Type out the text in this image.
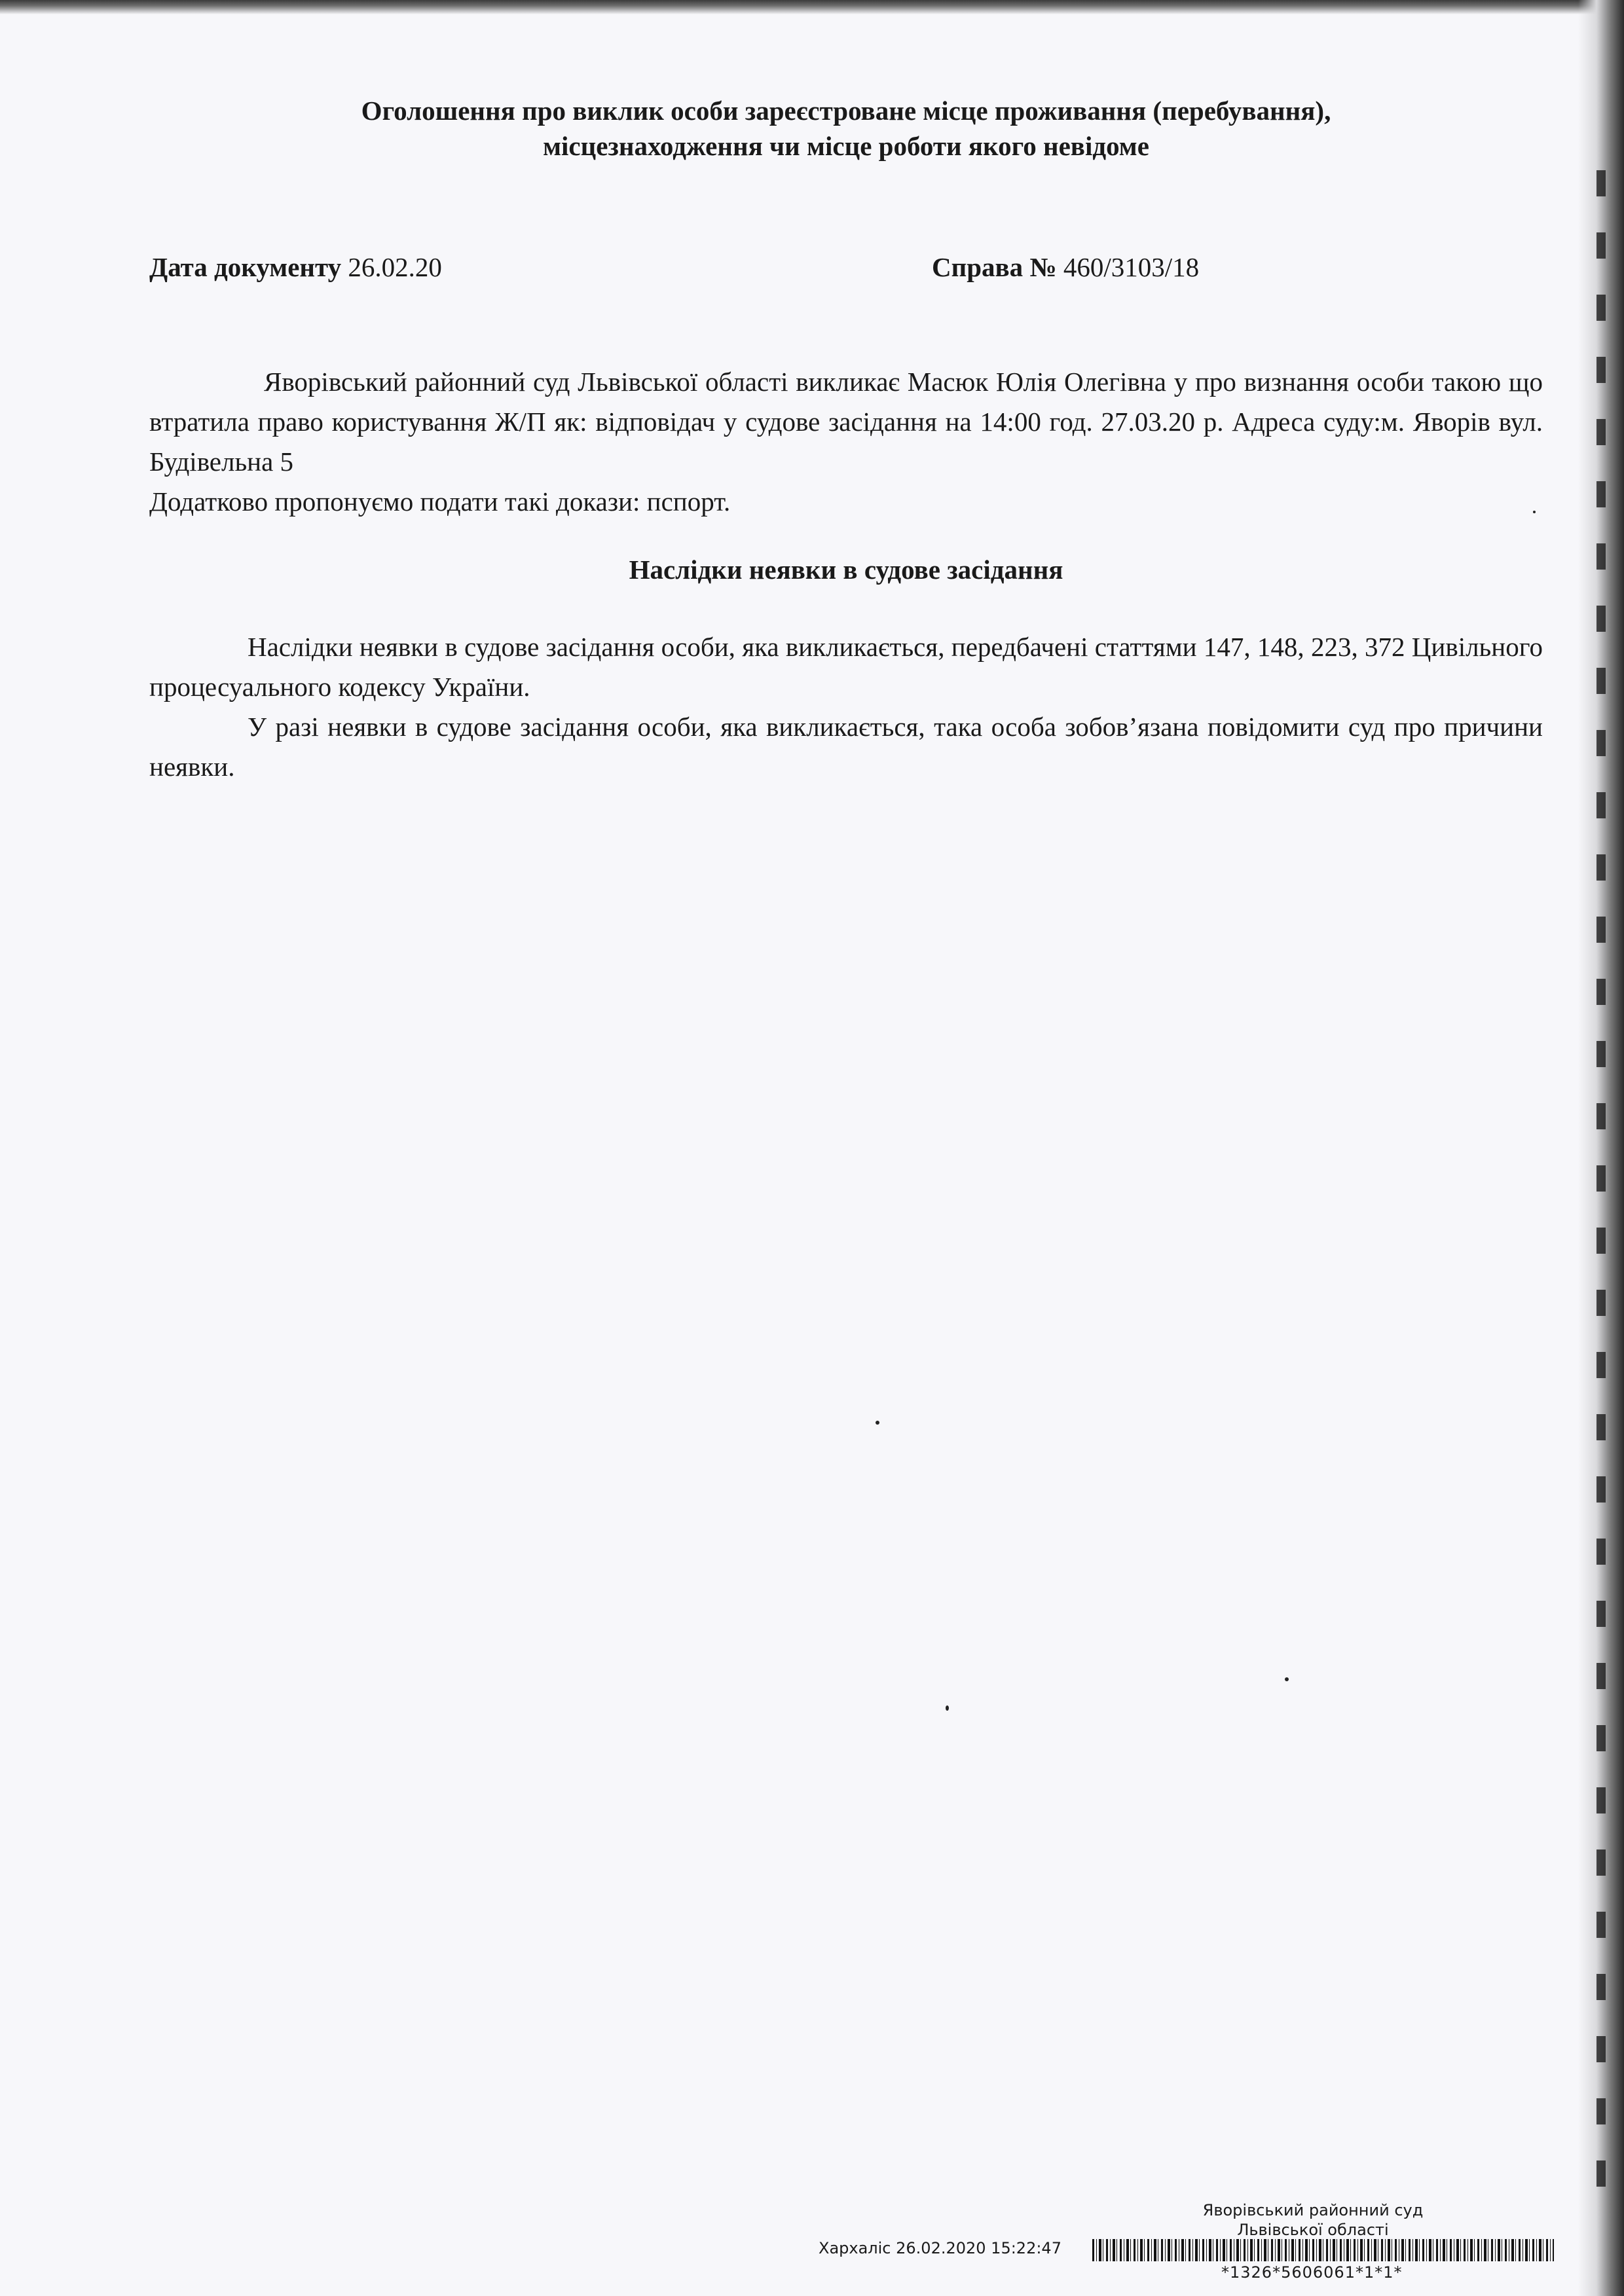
Оголошення про виклик особи зареєстроване місце проживання (перебування),
місцезнаходження чи місце роботи якого невідоме
Дата документу 26.02.20	Справа № 460/3103/18

Яворівський районний суд Львівської області викликає Масюк Юлія Олегівна у про визнання особи такою що втратила право користування Ж/П як: відповідач у судове засідання на 14:00 год. 27.03.20 р. Адреса суду:м. Яворів вул. Будівельна 5

Додатково пропонуємо подати такі докази: пспорт.

Наслідки неявки в судове засідання

Наслідки неявки в судове засідання особи, яка викликається, передбачені статтями 147, 148, 223, 372 Цивільного процесуального кодексу України.

У разі неявки в судове засідання особи, яка викликається, така особа зобов’язана повідомити суд про причини неявки.

Яворівський районний суд
Львівської області
Хархаліс 26.02.2020 15:22:47
*1326*5606061*1*1*
